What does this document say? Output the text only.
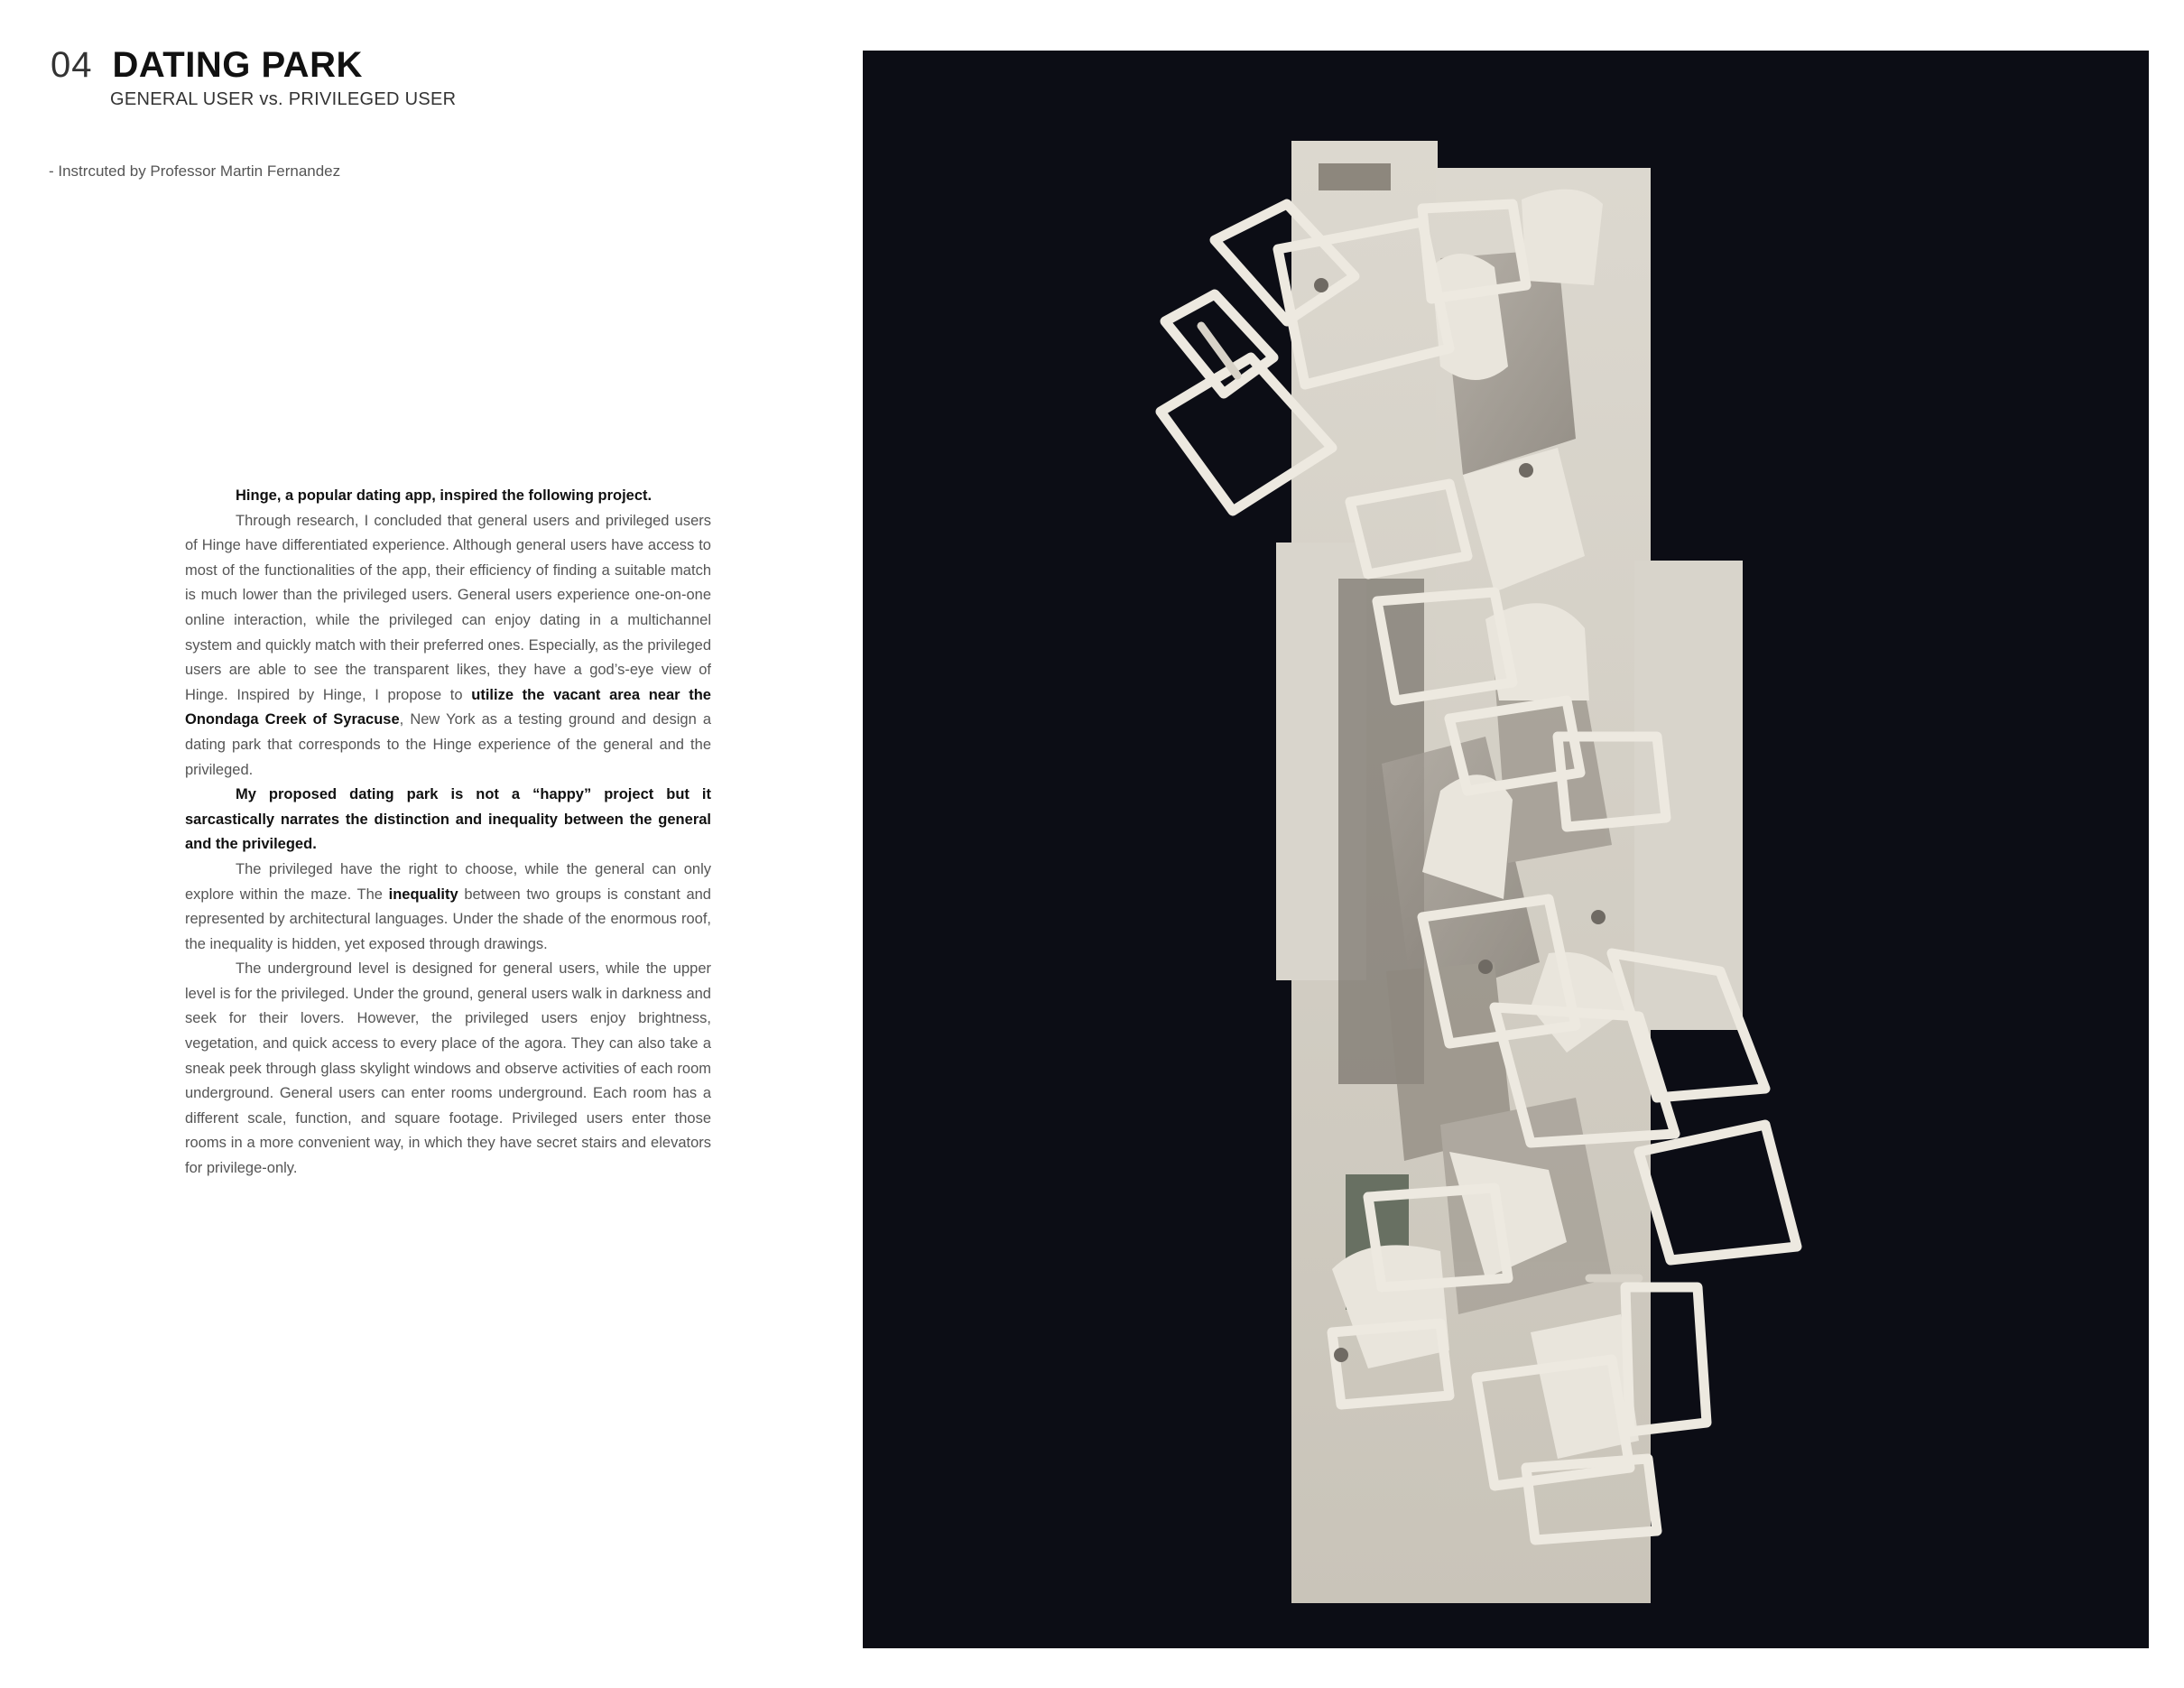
04 DATING PARK
GENERAL USER vs. PRIVILEGED USER
- Instrcuted by Professor Martin Fernandez

Hinge, a popular dating app, inspired the following project.

Through research, I concluded that general users and privileged users of Hinge have differentiated experience. Although general users have access to most of the functionalities of the app, their efficiency of finding a suitable match is much lower than the privileged users. General users experience one-on-one online interaction, while the privileged can enjoy dating in a multichannel system and quickly match with their preferred ones. Especially, as the privileged users are able to see the transparent likes, they have a god’s-eye view of Hinge. Inspired by Hinge, I propose to utilize the vacant area near the Onondaga Creek of Syracuse, New York as a testing ground and design a dating park that corresponds to the Hinge experience of the general and the privileged.

My proposed dating park is not a “happy” project but it sarcastically narrates the distinction and inequality between the general and the privileged.

The privileged have the right to choose, while the general can only explore within the maze. The inequality between two groups is constant and represented by architectural languages. Under the shade of the enormous roof, the inequality is hidden, yet exposed through drawings.

The underground level is designed for general users, while the upper level is for the privileged. Under the ground, general users walk in darkness and seek for their lovers. However, the privileged users enjoy brightness, vegetation, and quick access to every place of the agora. They can also take a sneak peek through glass skylight windows and observe activities of each room underground. General users can enter rooms underground. Each room has a different scale, function, and square footage. Privileged users enter those rooms in a more convenient way, in which they have secret stairs and elevators for privilege-only.
